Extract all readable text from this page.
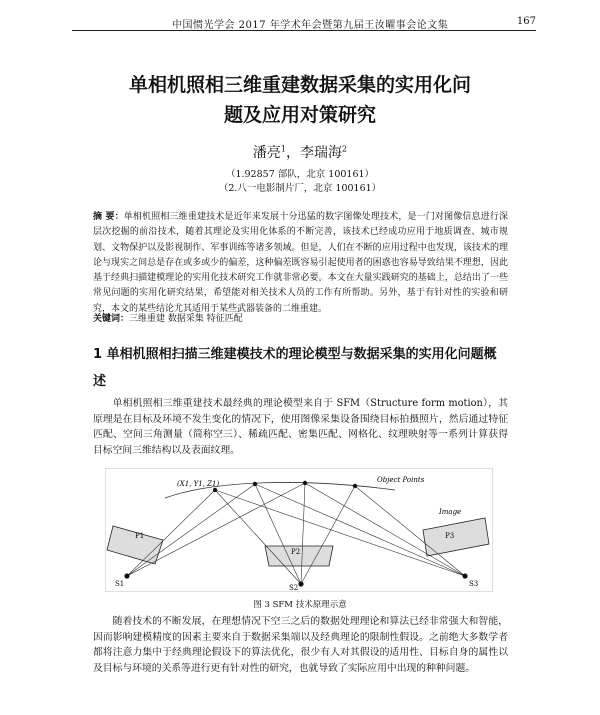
中国惯光学会 2017 年学术年会暨第九届王汝曜事会论文集	167
单相机照相三维重建数据采集的实用化问
题及应用对策研究
潘亮$^1$，李瑞海$^2$
（1.92857 部队，北京 100161）
（2.八一电影制片厂，北京 100161）
摘 要：单相机照相三维重建技术是近年来发展十分迅猛的数字图像处理技术，是一门对图像信息进行深层次挖掘的前沿技术，随着其理论及实用化体系的不断完善，该技术已经成功应用于地质调查、城市规划、文物保护以及影视制作、军事训练等诸多领域。但是，人们在不断的应用过程中也发现，该技术的理论与现实之间总是存在或多或少的偏差，这种偏差既容易引起使用者的困惑也容易导致结果不理想，因此基于经典扫描建模理论的实用化技术研究工作就非常必要。本文在大量实践研究的基础上，总结出了一些常见问题的实用化研究结果，希望能对相关技术人员的工作有所帮助。另外，基于有针对性的实验和研究，本文的某些结论尤其适用于某些武器装备的二维重建。
关键词：三维重建 数据采集 特征匹配
1 单相机照相扫描三维建模技术的理论模型与数据采集的实用化问题概述
单相机照相三维重建技术最经典的理论模型来自于 SFM（Structure form motion），其原理是在目标及环境不发生变化的情况下，使用图像采集设备围绕目标拍摄照片，然后通过特征匹配、空间三角测量（简称空三）、稀疏匹配、密集匹配、网格化、纹理映射等一系列计算获得目标空间三维结构以及表面纹理。
(X1, Y1, Z1)	Object Points
Image
P1
P2
P3
S1	S2	S3
图 3 SFM 技术原理示意
随着技术的不断发展，在理想情况下空三之后的数据处理理论和算法已经非常强大和智能，因而影响建模精度的因素主要来自于数据采集端以及经典理论的限制性假设。之前绝大多数学者都将注意力集中于经典理论假设下的算法优化，很少有人对其假设的适用性、目标自身的属性以及目标与环境的关系等进行更有针对性的研究，也就导致了实际应用中出现的种种问题。
